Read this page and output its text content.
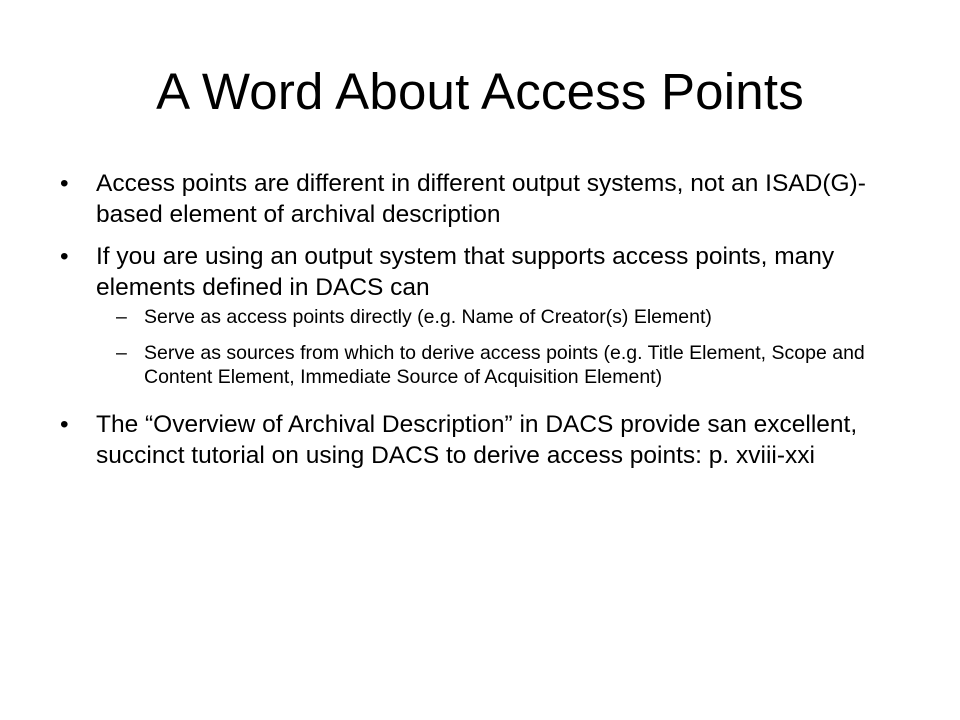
A Word About Access Points
• Access points are different in different output systems, not an ISAD(G)-based element of archival description
• If you are using an output system that supports access points, many elements defined in DACS can
– Serve as access points directly (e.g. Name of Creator(s) Element)
– Serve as sources from which to derive access points (e.g. Title Element, Scope and Content Element, Immediate Source of Acquisition Element)
• The “Overview of Archival Description” in DACS provide san excellent, succinct tutorial on using DACS to derive access points: p. xviii-xxi
